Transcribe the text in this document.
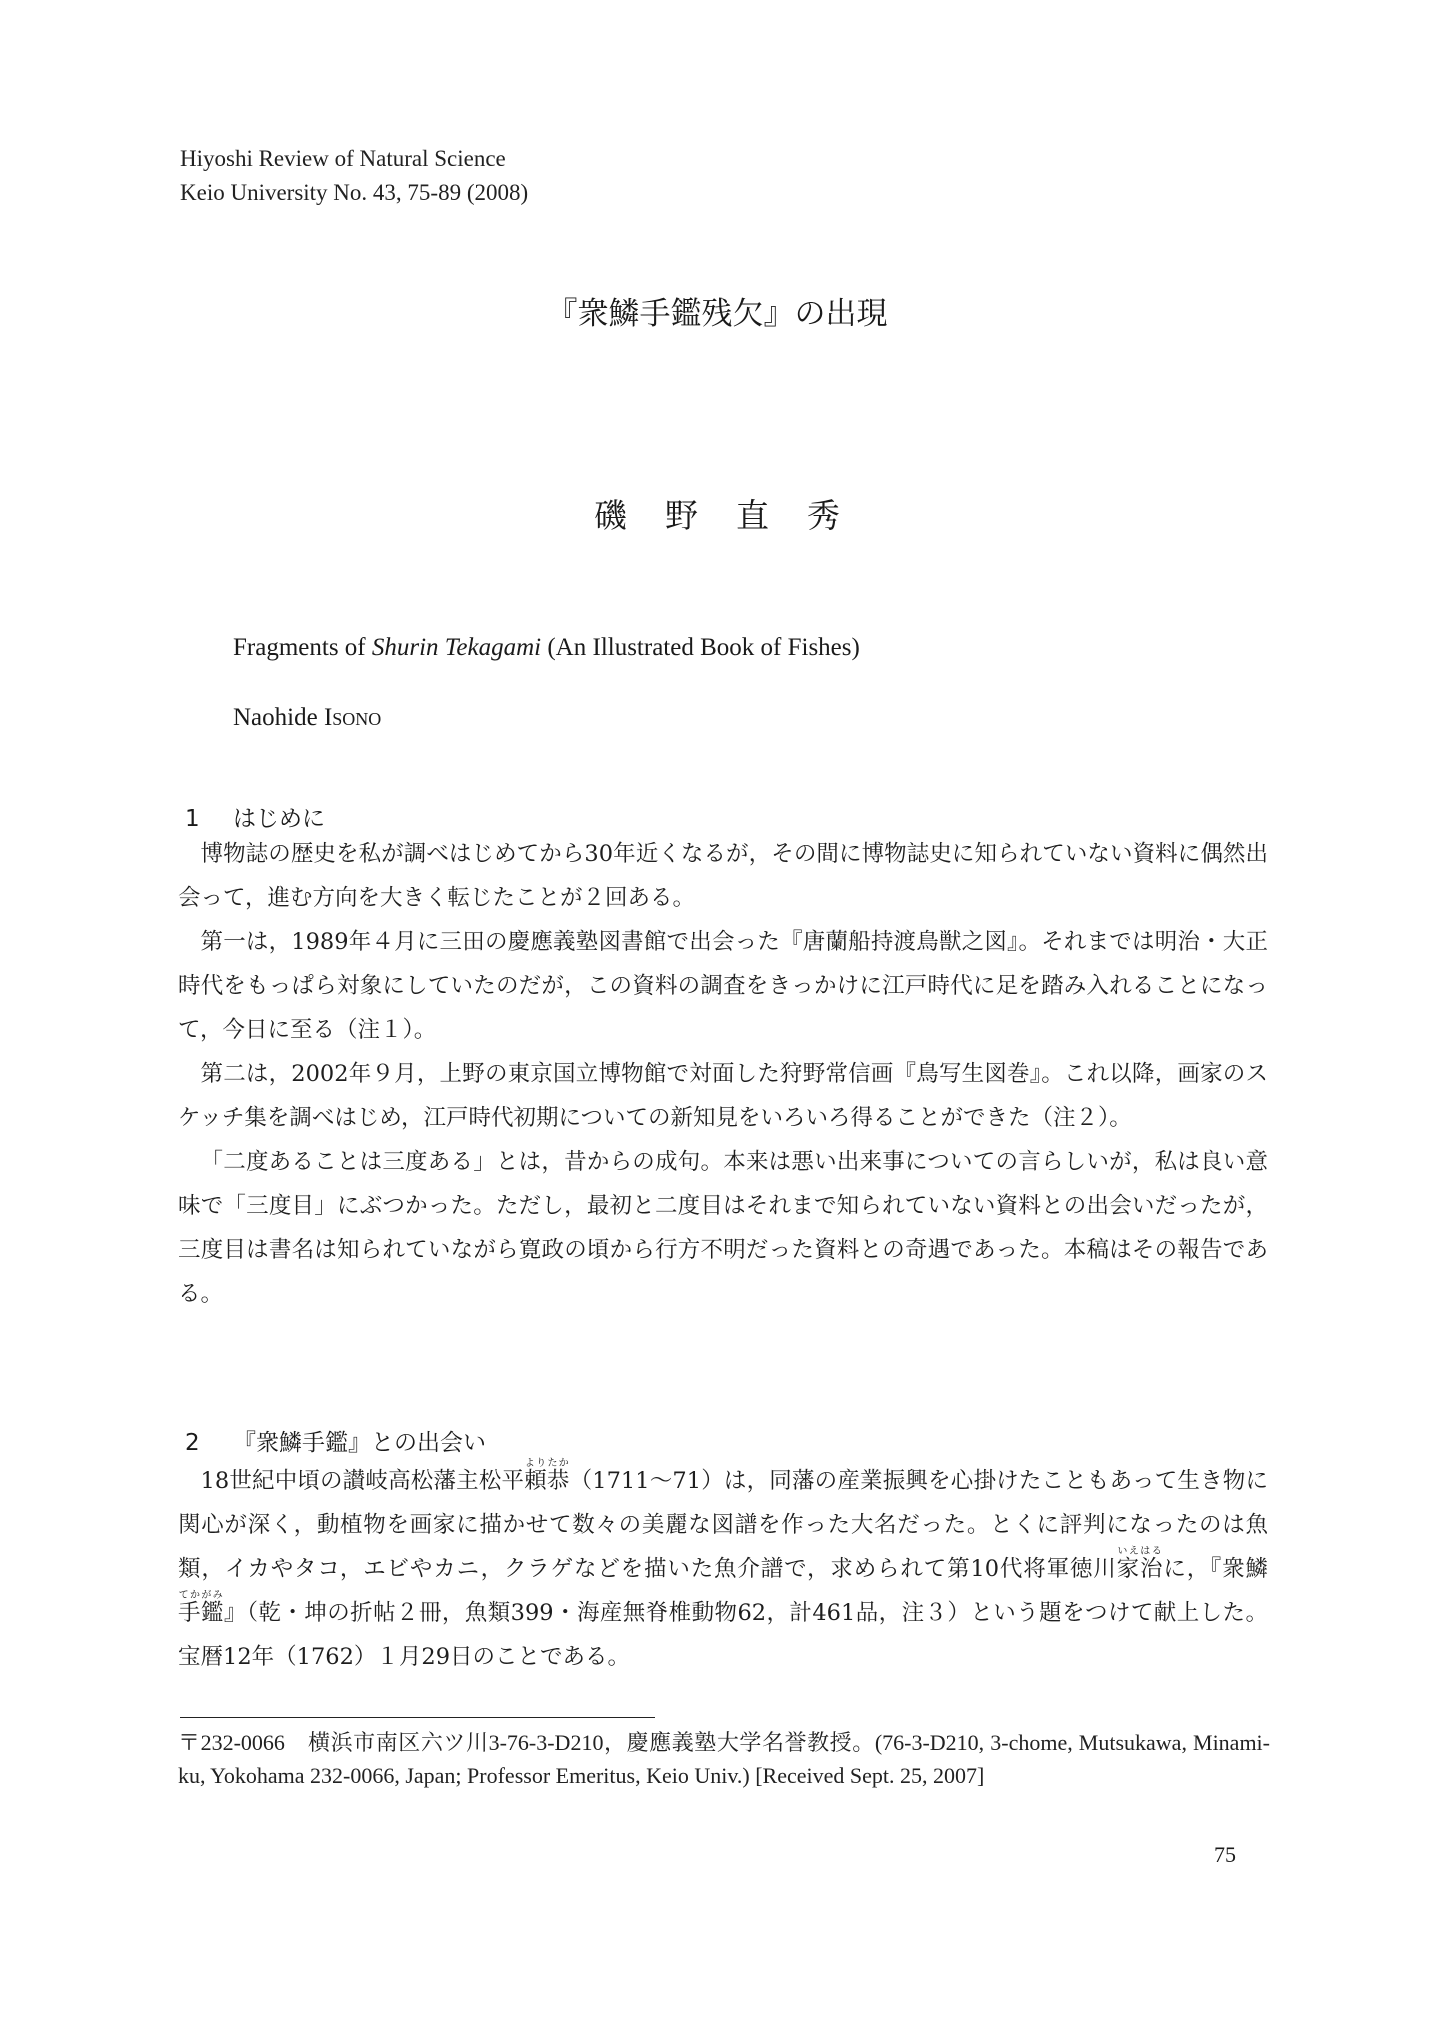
Hiyoshi Review of Natural Science
Keio University No. 43, 75-89 (2008)
『衆鱗手鑑残欠』の出現
磯野直秀
Fragments of Shurin Tekagami (An Illustrated Book of Fishes)
Naohide Isono
1 はじめに

博物誌の歴史を私が調べはじめてから30年近くなるが，その間に博物誌史に知られていない資料に偶然出会って，進む方向を大きく転じたことが２回ある。

第一は，1989年４月に三田の慶應義塾図書館で出会った『唐蘭船持渡鳥獣之図』。それまでは明治・大正時代をもっぱら対象にしていたのだが，この資料の調査をきっかけに江戸時代に足を踏み入れることになって，今日に至る（注１）。

第二は，2002年９月，上野の東京国立博物館で対面した狩野常信画『鳥写生図巻』。これ以降，画家のスケッチ集を調べはじめ，江戸時代初期についての新知見をいろいろ得ることができた（注２）。

「二度あることは三度ある」とは，昔からの成句。本来は悪い出来事についての言らしいが，私は良い意味で「三度目」にぶつかった。ただし，最初と二度目はそれまで知られていない資料との出会いだったが，三度目は書名は知られていながら寛政の頃から行方不明だった資料との奇遇であった。本稿はその報告である。

2 『衆鱗手鑑』との出会い

18世紀中頃の讃岐高松藩主松平頼恭よりたか（1711～71）は，同藩の産業振興を心掛けたこともあって生き物に関心が深く，動植物を画家に描かせて数々の美麗な図譜を作った大名だった。とくに評判になったのは魚類，イカやタコ，エビやカニ，クラゲなどを描いた魚介譜で，求められて第10代将軍徳川家治いえはるに，『衆鱗手鑑てかがみ』（乾・坤の折帖２冊，魚類399・海産無脊椎動物62，計461品，注３）という題をつけて献上した。宝暦12年（1762）１月29日のことである。

〒232-0066　横浜市南区六ツ川3-76-3-D210，慶應義塾大学名誉教授。(76-3-D210, 3-chome, Mutsukawa, Minami-ku, Yokohama 232-0066, Japan; Professor Emeritus, Keio Univ.) [Received Sept. 25, 2007]
75
